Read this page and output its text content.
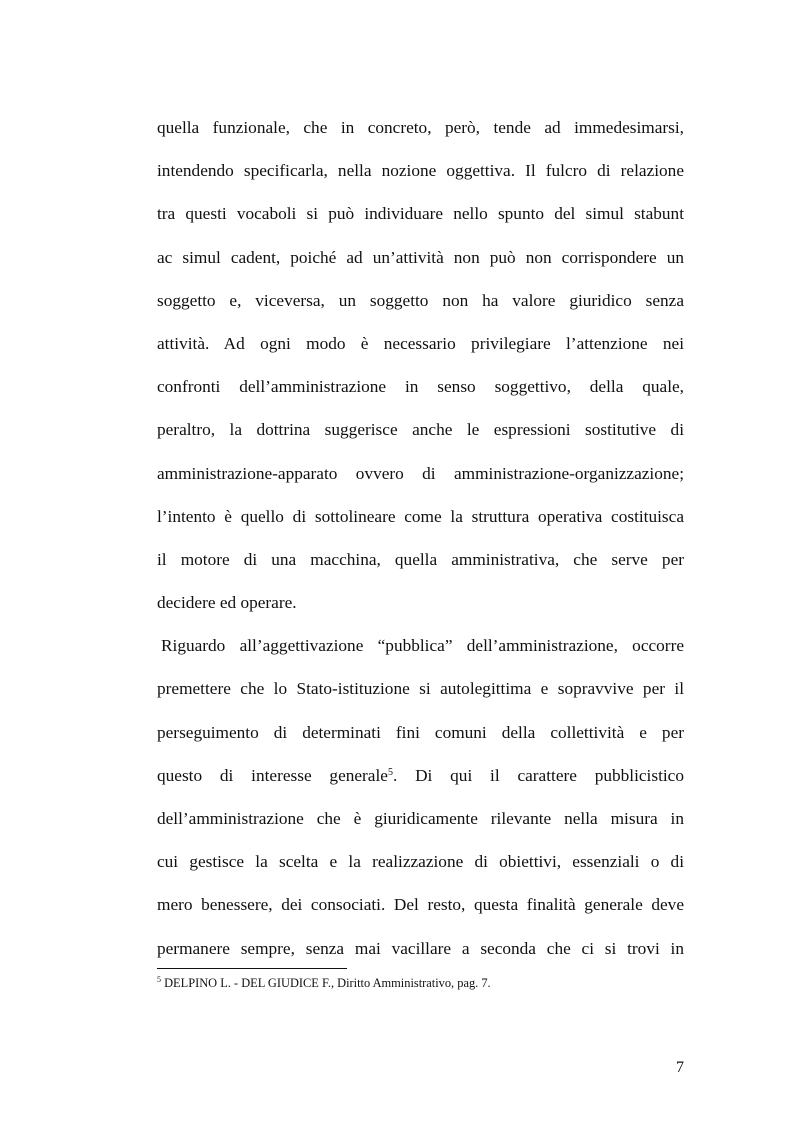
quella funzionale, che in concreto, però, tende ad immedesimarsi,
intendendo specificarla, nella nozione oggettiva. Il fulcro di relazione
tra questi vocaboli si può individuare nello spunto del simul stabunt
ac simul cadent, poiché ad un’attività non può non corrispondere un
soggetto e, viceversa, un soggetto non ha valore giuridico senza
attività. Ad ogni modo è necessario privilegiare l’attenzione nei
confronti dell’amministrazione in senso soggettivo, della quale,
peraltro, la dottrina suggerisce anche le espressioni sostitutive di
amministrazione-apparato ovvero di amministrazione-organizzazione;
l’intento è quello di sottolineare come la struttura operativa costituisca
il motore di una macchina, quella amministrativa, che serve per
decidere ed operare.
Riguardo all’aggettivazione “pubblica” dell’amministrazione, occorre
premettere che lo Stato-istituzione si autolegittima e sopravvive per il
perseguimento di determinati fini comuni della collettività e per
questo di interesse generale$^5$. Di qui il carattere pubblicistico
dell’amministrazione che è giuridicamente rilevante nella misura in
cui gestisce la scelta e la realizzazione di obiettivi, essenziali o di
mero benessere, dei consociati. Del resto, questa finalità generale deve
permanere sempre, senza mai vacillare a seconda che ci si trovi in
$^5$ DELPINO L. - DEL GIUDICE F., Diritto Amministrativo, pag. 7.
7
